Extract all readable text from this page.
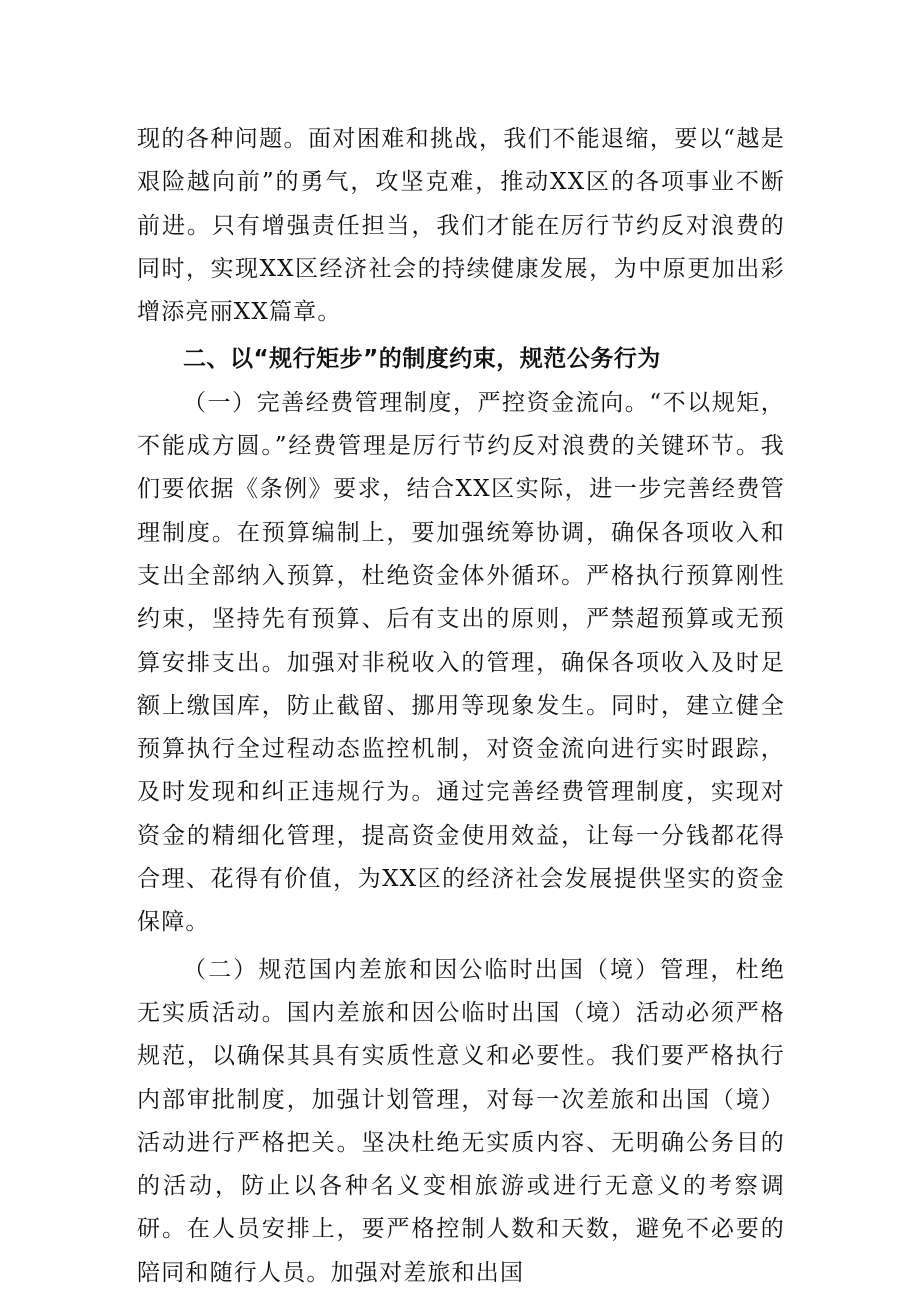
现的各种问题。面对困难和挑战，我们不能退缩，要以“越是艰险越向前”的勇气，攻坚克难，推动XX区的各项事业不断前进。只有增强责任担当，我们才能在厉行节约反对浪费的同时，实现XX区经济社会的持续健康发展，为中原更加出彩增添亮丽XX篇章。

二、以“规行矩步”的制度约束，规范公务行为

（一）完善经费管理制度，严控资金流向。“不以规矩，不能成方圆。”经费管理是厉行节约反对浪费的关键环节。我们要依据《条例》要求，结合XX区实际，进一步完善经费管理制度。在预算编制上，要加强统筹协调，确保各项收入和支出全部纳入预算，杜绝资金体外循环。严格执行预算刚性约束，坚持先有预算、后有支出的原则，严禁超预算或无预算安排支出。加强对非税收入的管理，确保各项收入及时足额上缴国库，防止截留、挪用等现象发生。同时，建立健全预算执行全过程动态监控机制，对资金流向进行实时跟踪，及时发现和纠正违规行为。通过完善经费管理制度，实现对资金的精细化管理，提高资金使用效益，让每一分钱都花得合理、花得有价值，为XX区的经济社会发展提供坚实的资金保障。

（二）规范国内差旅和因公临时出国（境）管理，杜绝无实质活动。国内差旅和因公临时出国（境）活动必须严格规范，以确保其具有实质性意义和必要性。我们要严格执行内部审批制度，加强计划管理，对每一次差旅和出国（境）活动进行严格把关。坚决杜绝无实质内容、无明确公务目的的活动，防止以各种名义变相旅游或进行无意义的考察调研。在人员安排上，要严格控制人数和天数，避免不必要的陪同和随行人员。加强对差旅和出国
